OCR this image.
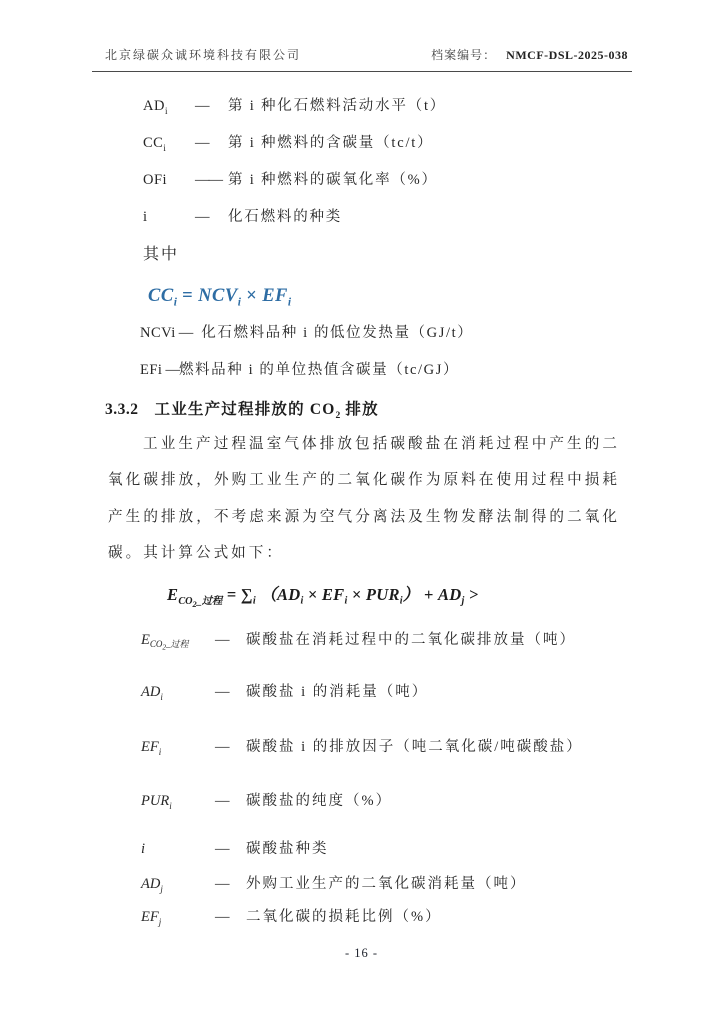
北京绿碳众诚环境科技有限公司	档案编号： NMCF-DSL-2025-038
$AD_i$	—	第 i 种化石燃料活动水平（t）
$CC_i$	—	第 i 种燃料的含碳量（tc/t）
OFi	—— 第 i 种燃料的碳氧化率（%）
i	—	化石燃料的种类
其中
$CC_i = NCV_i \times EF_i$
NCVi — 化石燃料品种 i 的低位发热量（GJ/t）
EFi — 燃料品种 i 的单位热值含碳量（tc/GJ）
3.3.2 工业生产过程排放的 $CO_2$ 排放

工业生产过程温室气体排放包括碳酸盐在消耗过程中产生的二氧化碳排放，外购工业生产的二氧化碳作为原料在使用过程中损耗产生的排放，不考虑来源为空气分离法及生物发酵法制得的二氧化碳。其计算公式如下：

$E_{CO_2\_过程} = \sum_i$ $(AD_i \times EF_i \times PUR_i) + AD_j$ >
$E_{CO_2\_过程}$	—	碳酸盐在消耗过程中的二氧化碳排放量（吨）
$AD_i$	—	碳酸盐 i 的消耗量（吨）
$EF_i$	—	碳酸盐 i 的排放因子（吨二氧化碳/吨碳酸盐）
$PUR_i$	—	碳酸盐的纯度（%）
i	—	碳酸盐种类
$AD_j$	—	外购工业生产的二氧化碳消耗量（吨）
$EF_j$	—	二氧化碳的损耗比例（%）
- 16 -
